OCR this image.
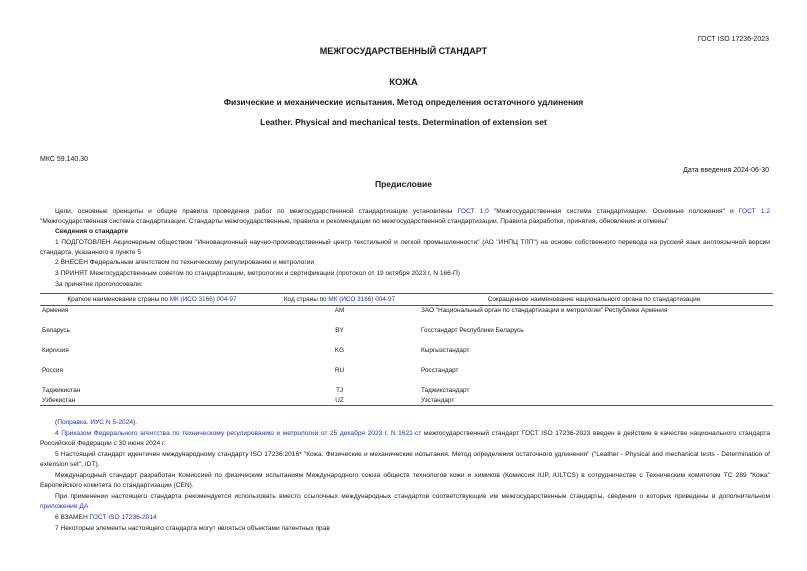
ГОСТ ISO 17236-2023
МЕЖГОСУДАРСТВЕННЫЙ СТАНДАРТ
КОЖА
Физические и механические испытания. Метод определения остаточного удлинения
Leather. Physical and mechanical tests. Determination of extension set
МКС 59.140.30
Дата введения 2024-06-30
Предисловие
Цели, основные принципы и общие правила проведения работ по межгосударственной стандартизации установлены ГОСТ 1.0 "Межгосударственная система стандартизации. Основные положения" и ГОСТ 1.2 "Межгосударственная система стандартизации. Стандарты межгосударственные, правила и рекомендации по межгосударственной стандартизации. Правила разработки, принятия, обновления и отмены"
Сведения о стандарте
1 ПОДГОТОВЛЕН Акционерным обществом "Инновационный научно-производственный центр текстильной и легкой промышленности" (АО "ИНПЦ ТЛП") на основе собственного перевода на русский язык англоязычной версии стандарта, указанного в пункте 5
2 ВНЕСЕН Федеральным агентством по техническому регулированию и метрологии
3 ПРИНЯТ Межгосударственным советом по стандартизации, метрологии и сертификации (протокол от 19 октября 2023 г. N 166-П)
За принятие проголосовали:
Краткое наименование страны по МК (ИСО 3166) 004-97	Код страны по МК (ИСО 3166) 004-97	Сокращенное наименование национального органа по стандартизации
Армения	AM	ЗАО "Национальный орган по стандартизации и метрологии" Республики Армения
Беларусь	BY	Госстандарт Республики Беларусь
Киргизия	KG	Кыргызстандарт
Россия	RU	Росстандарт
Таджикистан	TJ	Таджикстандарт
Узбекистан	UZ	Узстандарт
(Поправка. ИУС N 5-2024).
4 Приказом Федерального агентства по техническому регулированию и метрологии от 25 декабря 2023 г. N 1621-ст межгосударственный стандарт ГОСТ ISO 17236-2023 введен в действие в качестве национального стандарта Российской Федерации с 30 июня 2024 г.
5 Настоящий стандарт идентичен международному стандарту ISO 17236:2016* "Кожа. Физические и механические испытания. Метод определения остаточного удлинения" ("Leather - Physical and mechanical tests - Determination of extension set", IDT).
Международный стандарт разработан Комиссией по физическим испытаниям Международного союза обществ технологов кожи и химиков (Комиссия IUP, IULTCS) в сотрудничестве с Техническим комитетом ТС 289 "Кожа" Европейского комитета по стандартизации (CEN).
При применении настоящего стандарта рекомендуется использовать вместо ссылочных международных стандартов соответствующие им межгосударственные стандарты, сведения о которых приведены в дополнительном приложении ДА
6 ВЗАМЕН ГОСТ ISO 17236-2014
7 Некоторые элементы настоящего стандарта могут являться объектами патентных прав
